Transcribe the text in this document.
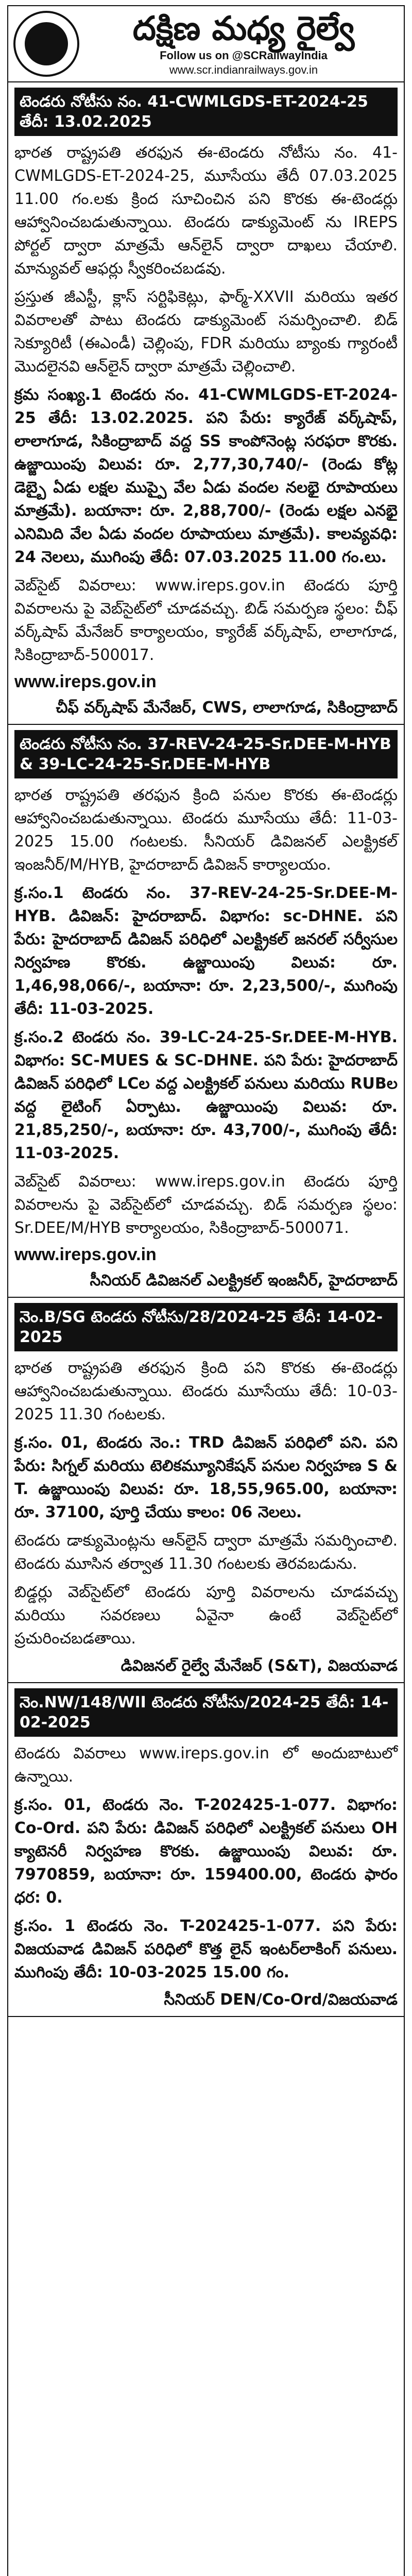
దక్షిణ మధ్య రైల్వే
Follow us on @SCRailwayIndia
www.scr.indianrailways.gov.in
టెండరు నోటీసు నం. 41-CWMLGDS-ET-2024-25 తేదీ: 13.02.2025
భారత రాష్ట్రపతి తరఫున ఈ-టెండరు నోటీసు నం. 41-CWMLGDS-ET-2024-25, మూసేయు తేదీ 07.03.2025 11.00 గం.లకు క్రింద సూచించిన పని కొరకు ఈ-టెండర్లు ఆహ్వానించబడుతున్నాయి. టెండరు డాక్యుమెంట్ ను IREPS పోర్టల్ ద్వారా మాత్రమే ఆన్‌లైన్ ద్వారా దాఖలు చేయాలి. మాన్యువల్ ఆఫర్లు స్వీకరించబడవు.
ప్రస్తుత జీఎస్టీ, క్లాస్ సర్టిఫికెట్లు, ఫార్మ్-XXVII మరియు ఇతర వివరాలతో పాటు టెండరు డాక్యుమెంట్ సమర్పించాలి. బిడ్ సెక్యూరిటీ (ఈఎండీ) చెల్లింపు, FDR మరియు బ్యాంకు గ్యారంటీ మొదలైనవి ఆన్‌లైన్ ద్వారా మాత్రమే చెల్లించాలి.
క్రమ సంఖ్య.1 టెండరు నం. 41-CWMLGDS-ET-2024-25 తేదీ: 13.02.2025. పని పేరు: క్యారేజ్ వర్క్‌షాప్, లాలాగూడ, సికింద్రాబాద్ వద్ద SS కాంపోనెంట్ల సరఫరా కొరకు. ఉజ్జాయింపు విలువ: రూ. 2,77,30,740/- (రెండు కోట్ల డెబ్బై ఏడు లక్షల ముప్పై వేల ఏడు వందల నలభై రూపాయలు మాత్రమే). బయానా: రూ. 2,88,700/- (రెండు లక్షల ఎనభై ఎనిమిది వేల ఏడు వందల రూపాయలు మాత్రమే). కాలవ్యవధి: 24 నెలలు, ముగింపు తేదీ: 07.03.2025 11.00 గం.లు.
వెబ్‌సైట్ వివరాలు: www.ireps.gov.in టెండరు పూర్తి వివరాలను పై వెబ్‌సైట్‌లో చూడవచ్చు. బిడ్ సమర్పణ స్థలం: చీఫ్ వర్క్‌షాప్ మేనేజర్ కార్యాలయం, క్యారేజ్ వర్క్‌షాప్, లాలాగూడ, సికింద్రాబాద్-500017.
www.ireps.gov.in
చీఫ్ వర్క్‌షాప్ మేనేజర్, CWS, లాలాగూడ, సికింద్రాబాద్
టెండరు నోటీసు నం. 37-REV-24-25-Sr.DEE-M-HYB & 39-LC-24-25-Sr.DEE-M-HYB
భారత రాష్ట్రపతి తరఫున క్రింది పనుల కొరకు ఈ-టెండర్లు ఆహ్వానించబడుతున్నాయి. టెండరు మూసేయు తేదీ: 11-03-2025 15.00 గంటలకు. సీనియర్ డివిజనల్ ఎలక్ట్రికల్ ఇంజనీర్/M/HYB, హైదరాబాద్ డివిజన్ కార్యాలయం.
క్ర.సం.1 టెండరు నం. 37-REV-24-25-Sr.DEE-M-HYB. డివిజన్: హైదరాబాద్. విభాగం: sc-DHNE. పని పేరు: హైదరాబాద్ డివిజన్ పరిధిలో ఎలక్ట్రికల్ జనరల్ సర్వీసుల నిర్వహణ కొరకు. ఉజ్జాయింపు విలువ: రూ. 1,46,98,066/-, బయానా: రూ. 2,23,500/-, ముగింపు తేదీ: 11-03-2025.
క్ర.సం.2 టెండరు నం. 39-LC-24-25-Sr.DEE-M-HYB. విభాగం: SC-MUES & SC-DHNE. పని పేరు: హైదరాబాద్ డివిజన్ పరిధిలో LCల వద్ద ఎలక్ట్రికల్ పనులు మరియు RUBల వద్ద లైటింగ్ ఏర్పాటు. ఉజ్జాయింపు విలువ: రూ. 21,85,250/-, బయానా: రూ. 43,700/-, ముగింపు తేదీ: 11-03-2025.
వెబ్‌సైట్ వివరాలు: www.ireps.gov.in టెండరు పూర్తి వివరాలను పై వెబ్‌సైట్‌లో చూడవచ్చు. బిడ్ సమర్పణ స్థలం: Sr.DEE/M/HYB కార్యాలయం, సికింద్రాబాద్-500071.
www.ireps.gov.in
సీనియర్ డివిజనల్ ఎలక్ట్రికల్ ఇంజనీర్, హైదరాబాద్
నెం.B/SG టెండరు నోటీసు/28/2024-25 తేదీ: 14-02-2025
భారత రాష్ట్రపతి తరఫున క్రింది పని కొరకు ఈ-టెండర్లు ఆహ్వానించబడుతున్నాయి. టెండరు మూసేయు తేదీ: 10-03-2025 11.30 గంటలకు.
క్ర.సం. 01, టెండరు నెం.: TRD డివిజన్ పరిధిలో పని. పని పేరు: సిగ్నల్ మరియు టెలికమ్యూనికేషన్ పనుల నిర్వహణ S & T. ఉజ్జాయింపు విలువ: రూ. 18,55,965.00, బయానా: రూ. 37100, పూర్తి చేయు కాలం: 06 నెలలు.
టెండరు డాక్యుమెంట్లను ఆన్‌లైన్ ద్వారా మాత్రమే సమర్పించాలి. టెండరు మూసిన తర్వాత 11.30 గంటలకు తెరవబడును.
బిడ్డర్లు వెబ్‌సైట్‌లో టెండరు పూర్తి వివరాలను చూడవచ్చు మరియు సవరణలు ఏవైనా ఉంటే వెబ్‌సైట్‌లో ప్రచురించబడతాయి.
డివిజనల్ రైల్వే మేనేజర్ (S&T), విజయవాడ
నెం.NW/148/WII టెండరు నోటీసు/2024-25 తేదీ: 14-02-2025
టెండరు వివరాలు www.ireps.gov.in లో అందుబాటులో ఉన్నాయి.
క్ర.సం. 01, టెండరు నెం. T-202425-1-077. విభాగం: Co-Ord. పని పేరు: డివిజన్ పరిధిలో ఎలక్ట్రికల్ పనులు OH క్యాటెనరీ నిర్వహణ కొరకు. ఉజ్జాయింపు విలువ: రూ. 7970859, బయానా: రూ. 159400.00, టెండరు ఫారం ధర: 0.
క్ర.సం. 1 టెండరు నెం. T-202425-1-077. పని పేరు: విజయవాడ డివిజన్ పరిధిలో కొత్త లైన్ ఇంటర్‌లాకింగ్ పనులు. ముగింపు తేదీ: 10-03-2025 15.00 గం.
సీనియర్ DEN/Co-Ord/విజయవాడ
